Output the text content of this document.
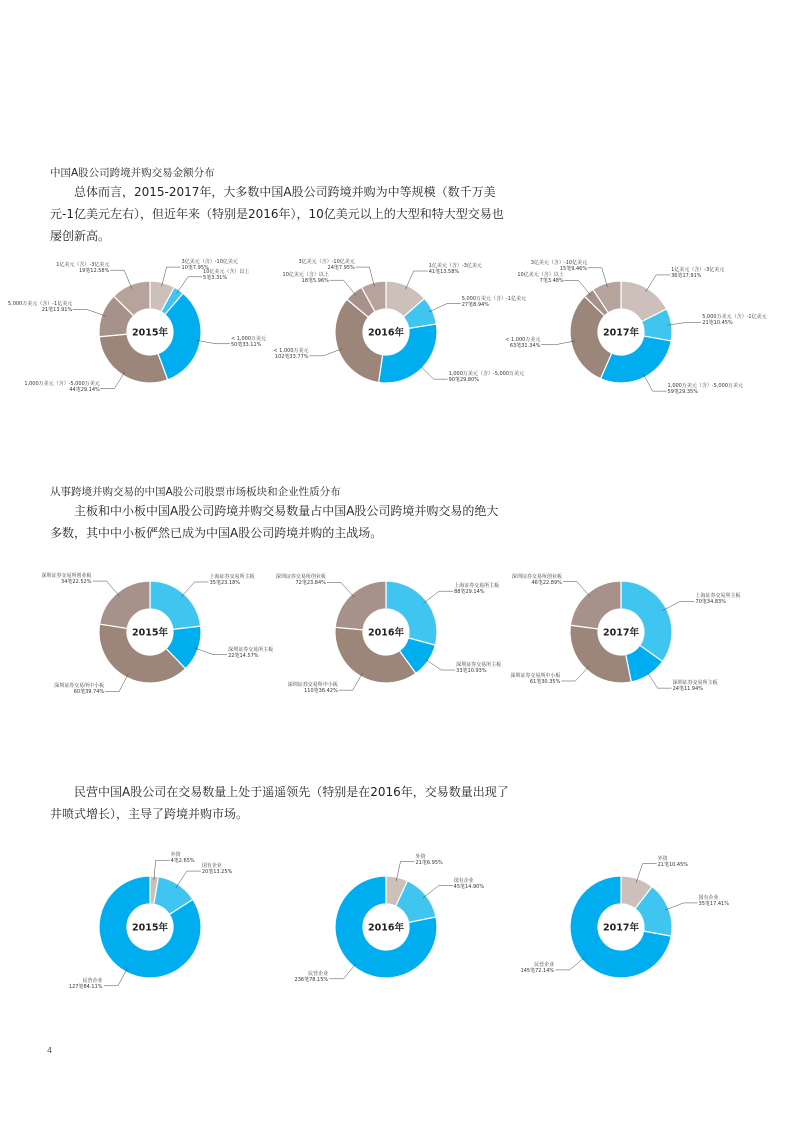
中国A股公司跨境并购交易金额分布
总体而言，2015-2017年，大多数中国A股公司跨境并购为中等规模（数千万美元-1亿美元左右），但近年来（特别是2016年），10亿美元以上的大型和特大型交易也屡创新高。
从事跨境并购交易的中国A股公司股票市场板块和企业性质分布
主板和中小板中国A股公司跨境并购交易数量占中国A股公司跨境并购交易的绝大多数，其中中小板俨然已成为中国A股公司跨境并购的主战场。
民营中国A股公司在交易数量上处于遥遥领先（特别是在2016年，交易数量出现了井喷式增长），主导了跨境并购市场。
2015年
3亿美元（含）-10亿美元
10笔7.95%
10亿美元（含）以上
5笔3.31%
< 1,000万美元
50笔33.11%
1,000万美元（含）-5,000万美元
44笔29.14%
5,000万美元（含）-1亿美元
21笔13.91%
1亿美元（含）-3亿美元
19笔12.58%
2016年
1亿美元（含）-3亿美元
41笔13.58%
5,000万美元（含）-1亿美元
27笔8.94%
1,000万美元（含）-5,000万美元
90笔29.80%
< 1,000万美元
102笔33.77%
10亿美元（含）以上
18笔5.96%
3亿美元（含）-10亿美元
24笔7.95%
2017年
1亿美元（含）-3亿美元
36笔17.91%
5,000万美元（含）-1亿美元
21笔10.45%
1,000万美元（含）-5,000万美元
59笔29.35%
< 1,000万美元
63笔31.34%
10亿美元（含）以上
7笔3.48%
3亿美元（含）-10亿美元
15笔9.46%
2015年
上海证券交易所主板
35笔23.18%
深圳证券交易所主板
22笔14.57%
深圳证券交易所中小板
60笔39.74%
深圳证券交易所创业板
34笔22.52%
2016年
上海证券交易所主板
88笔29.14%
深圳证券交易所主板
33笔10.93%
深圳证券交易所中小板
110笔36.42%
深圳证券交易所创业板
72笔23.84%
2017年
上海证券交易所主板
70笔34.83%
深圳证券交易所主板
24笔11.94%
深圳证券交易所中小板
61笔30.35%
深圳证券交易所创业板
46笔22.89%
2015年
外资
4笔2.65%
国有企业
20笔13.25%
民营企业
127笔84.11%
2016年
外资
21笔6.95%
国有企业
45笔14.90%
民营企业
236笔78.15%
2017年
外资
21笔10.45%
国有企业
35笔17.41%
民营企业
145笔72.14%
4
